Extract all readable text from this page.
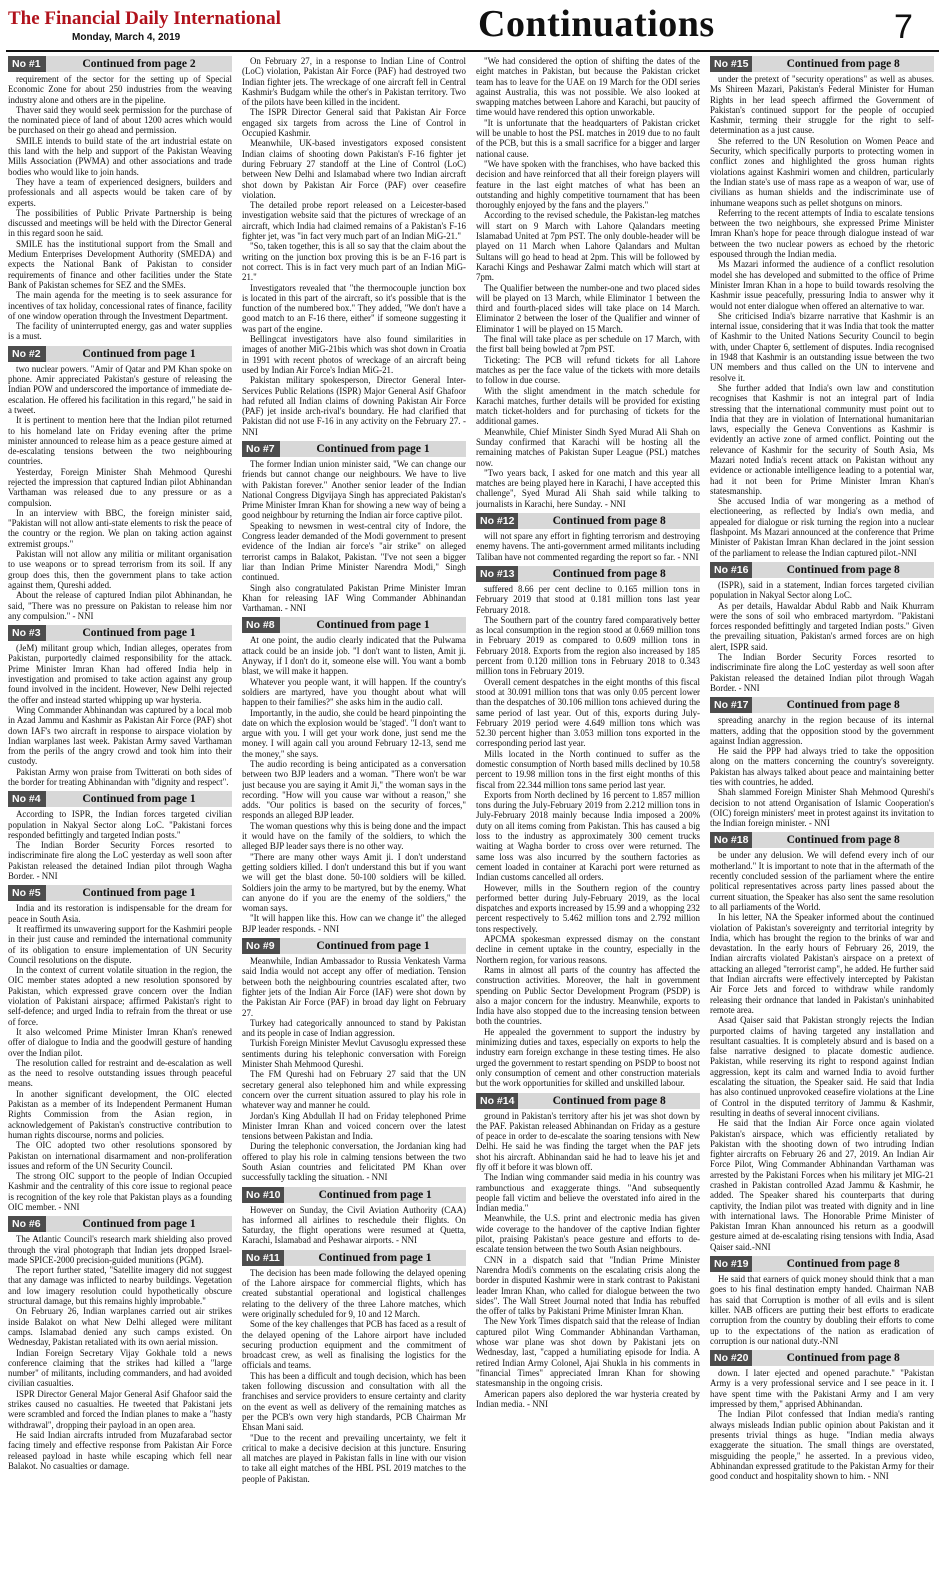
The Financial Daily International
Monday, March 4, 2019	Continuations	7
No #1	Continued from page 2

requirement of the sector for the setting up of Special Economic Zone for about 250 industries from the weaving industry alone and others are in the pipeline.

Thaver said they would seek permission for the purchase of the nominated piece of land of about 1200 acres which would be purchased on their go ahead and permission.

SMILE intends to build state of the art industrial estate on this land with the help and support of the Pakistan Weaving Mills Association (PWMA) and other associations and trade bodies who would like to join hands.

They have a team of experienced designers, builders and professionals and all aspects would be taken care of by experts.

The possibilities of Public Private Partnership is being discussed and meetings will be held with the Director General in this regard soon he said.

SMILE has the institutional support from the Small and Medium Enterprises Development Authority (SMEDA) and expects the National Bank of Pakistan to consider requirements of finance and other facilities under the State Bank of Pakistan schemes for SEZ and the SMEs.

The main agenda for the meeting is to seek assurance for incentives of tax holiday, concessional rates of finance, facility of one window operation through the Investment Department.

The facility of uninterrupted energy, gas and water supplies is a must.

No #2	Continued from page 1

two nuclear powers. "Amir of Qatar and PM Khan spoke on phone. Amir appreciated Pakistan's gesture of releasing the Indian POW and underscored the importance of immediate de-escalation. He offered his facilitation in this regard," he said in a tweet.

It is pertinent to mention here that the Indian pilot returned to his homeland late on Friday evening after the prime minister announced to release him as a peace gesture aimed at de-escalating tensions between the two neighbouring countries.

Yesterday, Foreign Minister Shah Mehmood Qureshi rejected the impression that captured Indian pilot Abhinandan Varthaman was released due to any pressure or as a compulsion.

In an interview with BBC, the foreign minister said, "Pakistan will not allow anti-state elements to risk the peace of the country or the region. We plan on taking action against extremist groups."

Pakistan will not allow any militia or militant organisation to use weapons or to spread terrorism from its soil. If any group does this, then the government plans to take action against them, Qureshi added.

About the release of captured Indian pilot Abhinandan, he said, "There was no pressure on Pakistan to release him nor any compulsion." - NNI

No #3	Continued from page 1

(JeM) militant group which, Indian alleges, operates from Pakistan, purportedly claimed responsibility for the attack. Prime Minister Imran Khan had offered India help in investigation and promised to take action against any group found involved in the incident. However, New Delhi rejected the offer and instead started whipping up war hysteria.

Wing Commander Abhinandan was captured by a local mob in Azad Jammu and Kashmir as Pakistan Air Force (PAF) shot down IAF's two aircraft in response to airspace violation by Indian warplanes last week. Pakistan Army saved Varthaman from the perils of the angry crowd and took him into their custody.

Pakistan Army won praise from Twitterati on both sides of the border for treating Abhinandan with "dignity and respect".

No #4	Continued from page 1

According to ISPR, the Indian forces targeted civilian population in Nakyal Sector along LoC. "Pakistani forces responded befittingly and targeted Indian posts."

The Indian Border Security Forces resorted to indiscriminate fire along the LoC yesterday as well soon after Pakistan released the detained Indian pilot through Wagha Border. - NNI

No #5	Continued from page 1

India and its restoration is indispensable for the dream for peace in South Asia.

It reaffirmed its unwavering support for the Kashmiri people in their just cause and reminded the international community of its obligation to ensure implementation of UN Security Council resolutions on the dispute.

In the context of current volatile situation in the region, the OIC member states adopted a new resolution sponsored by Pakistan, which expressed grave concern over the Indian violation of Pakistani airspace; affirmed Pakistan's right to self-defence; and urged India to refrain from the threat or use of force.

It also welcomed Prime Minister Imran Khan's renewed offer of dialogue to India and the goodwill gesture of handing over the Indian pilot.

The resolution called for restraint and de-escalation as well as the need to resolve outstanding issues through peaceful means.

In another significant development, the OIC elected Pakistan as a member of its Independent Permanent Human Rights Commission from the Asian region, in acknowledgement of Pakistan's constructive contribution to human rights discourse, norms and policies.

The OIC adopted two other resolutions sponsored by Pakistan on international disarmament and non-proliferation issues and reform of the UN Security Council.

The strong OIC support to the people of Indian Occupied Kashmir and the centrality of this core issue to regional peace is recognition of the key role that Pakistan plays as a founding OIC member. - NNI

No #6	Continued from page 1

The Atlantic Council's research mark shielding also proved through the viral photograph that Indian jets dropped Israel-made SPICE-2000 precision-guided munitions (PGM).

The report further stated, "Satellite imagery did not suggest that any damage was inflicted to nearby buildings. Vegetation and low imagery resolution could hypothetically obscure structural damage, but this remains highly improbable."

On February 26, Indian warplanes carried out air strikes inside Balakot on what New Delhi alleged were militant camps. Islamabad denied any such camps existed. On Wednesday, Pakistan retaliated with its own aerial mission.

Indian Foreign Secretary Vijay Gokhale told a news conference claiming that the strikes had killed a "large number" of militants, including commanders, and had avoided civilian casualties.

ISPR Director General Major General Asif Ghafoor said the strikes caused no casualties. He tweeted that Pakistani jets were scrambled and forced the Indian planes to make a "hasty withdrawal", dropping their payload in an open area.

He said Indian aircrafts intruded from Muzafarabad sector facing timely and effective response from Pakistan Air Force released payload in haste while escaping which fell near Balakot. No casualties or damage.

On February 27, in a response to Indian Line of Control (LoC) violation, Pakistan Air Force (PAF) had destroyed two Indian fighter jets. The wreckage of one aircraft fell in Central Kashmir's Budgam while the other's in Pakistan territory. Two of the pilots have been killed in the incident.

The ISPR Director General said that Pakistan Air Force engaged six targets from across the Line of Control in Occupied Kashmir.

Meanwhile, UK-based investigators exposed consistent Indian claims of shooting down Pakistan's F-16 fighter jet during February 27 standoff at the Line of Control (LoC) between New Delhi and Islamabad where two Indian aircraft shot down by Pakistan Air Force (PAF) over ceasefire violation.

The detailed probe report released on a Leicester-based investigation website said that the pictures of wreckage of an aircraft, which India had claimed remains of a Pakistan's F-16 fighter jet, was "in fact very much part of an Indian MiG-21."

"So, taken together, this is all so say that the claim about the writing on the junction box proving this is be an F-16 part is not correct. This is in fact very much part of an Indian MiG-21."

Investigators revealed that "the thermocouple junction box is located in this part of the aircraft, so it's possible that is the function of the numbered box." They added, "We don't have a good match to an F-16 there, either" if someone suggesting it was part of the engine.

Bellingcat investigators have also found similarities in images of another MiG-21bis which was shot down in Croatia in 1991 with recent photos of wreckage of an aircraft being used by Indian Air Force's Indian MiG-21.

Pakistan military spokesperson, Director General Inter-Services Public Relations (ISPR) Major General Asif Ghafoor had refuted all Indian claims of downing Pakistan Air Force (PAF) jet inside arch-rival's boundary. He had clarified that Pakistan did not use F-16 in any activity on the February 27. - NNI

No #7	Continued from page 1

The former Indian union minister said, "We can change our friends but cannot change our neighbours. We have to live with Pakistan forever." Another senior leader of the Indian National Congress Digvijaya Singh has appreciated Pakistan's Prime Minister Imran Khan for showing a new way of being a good neighbour by returning the Indian air force captive pilot.

Speaking to newsmen in west-central city of Indore, the Congress leader demanded of the Modi government to present evidence of the Indian air force's "air strike" on alleged terrorist camps in Balakot, Pakistan. "I've not seen a bigger liar than Indian Prime Minister Narendra Modi," Singh continued.

Singh also congratulated Pakistan Prime Minister Imran Khan for releasing IAF Wing Commander Abhinandan Varthaman. - NNI

No #8	Continued from page 1

At one point, the audio clearly indicated that the Pulwama attack could be an inside job. "I don't want to listen, Amit ji. Anyway, if I don't do it, someone else will. You want a bomb blast, we will make it happen.

Whatever you people want, it will happen. If the country's soldiers are martyred, have you thought about what will happen to their families?" she asks him in the audio call.

Importantly, in the audio, she could be heard pinpointing the date on which the explosion would be 'staged'. "I don't want to argue with you. I will get your work done, just send me the money. I will again call you around February 12-13, send me the money," she says.

The audio recording is being anticipated as a conversation between two BJP leaders and a woman. "There won't be war just because you are saying it Amit Ji," the woman says in the recording. "How will you cause war without a reason," she adds. "Our politics is based on the security of forces," responds an alleged BJP leader.

The woman questions why this is being done and the impact it would have on the family of the soldiers, to which the alleged BJP leader says there is no other way.

"There are many other ways Amit ji. I don't understand getting soldiers killed. I don't understand this but if you want we will get the blast done. 50-100 soldiers will be killed. Soldiers join the army to be martyred, but by the enemy. What can anyone do if you are the enemy of the soldiers," the woman says.

"It will happen like this. How can we change it" the alleged BJP leader responds. - NNI

No #9	Continued from page 1

Meanwhile, Indian Ambassador to Russia Venkatesh Varma said India would not accept any offer of mediation. Tension between both the neighbouring countries escalated after, two fighter jets of the Indian Air Force (IAF) were shot down by the Pakistan Air Force (PAF) in broad day light on February 27.

Turkey had categorically announced to stand by Pakistan and its people in case of Indian aggression.

Turkish Foreign Minister Mevlut Cavusoglu expressed these sentiments during his telephonic conversation with Foreign Minister Shah Mehmood Qureshi.

The FM Qureshi had on February 27 said that the UN secretary general also telephoned him and while expressing concern over the current situation assured to play his role in whatever way and manner he could.

Jordan's King Abdullah II had on Friday telephoned Prime Minister Imran Khan and voiced concern over the latest tensions between Pakistan and India.

During the telephonic conversation, the Jordanian king had offered to play his role in calming tensions between the two South Asian countries and felicitated PM Khan over successfully tackling the situation. - NNI

No #10	Continued from page 1

However on Sunday, the Civil Aviation Authority (CAA) has informed all airlines to reschedule their flights. On Saturday, the flight operations were resumed at Quetta, Karachi, Islamabad and Peshawar airports. - NNI

No #11	Continued from page 1

The decision has been made following the delayed opening of the Lahore airspace for commercial flights, which has created substantial operational and logistical challenges relating to the delivery of the three Lahore matches, which were originally scheduled for 9, 10 and 12 March.

Some of the key challenges that PCB has faced as a result of the delayed opening of the Lahore airport have included securing production equipment and the commitment of broadcast crew, as well as finalising the logistics for the officials and teams.

This has been a difficult and tough decision, which has been taken following discussion and consultation with all the franchises and service providers to ensure certainty and clarity on the event as well as delivery of the remaining matches as per the PCB's own very high standards, PCB Chairman Mr Ehsan Mani said.

"Due to the recent and prevailing uncertainty, we felt it critical to make a decisive decision at this juncture. Ensuring all matches are played in Pakistan falls in line with our vision to take all eight matches of the HBL PSL 2019 matches to the people of Pakistan.

"We had considered the option of shifting the dates of the eight matches in Pakistan, but because the Pakistan cricket team has to leave for the UAE on 19 March for the ODI series against Australia, this was not possible. We also looked at swapping matches between Lahore and Karachi, but paucity of time would have rendered this option unworkable.

"It is unfortunate that the headquarters of Pakistan cricket will be unable to host the PSL matches in 2019 due to no fault of the PCB, but this is a small sacrifice for a bigger and larger national cause.

"We have spoken with the franchises, who have backed this decision and have reinforced that all their foreign players will feature in the last eight matches of what has been an outstanding and highly competitive tournament that has been thoroughly enjoyed by the fans and the players."

According to the revised schedule, the Pakistan-leg matches will start on 9 March with Lahore Qalandars meeting Islamabad United at 7pm PST. The only double-header will be played on 11 March when Lahore Qalandars and Multan Sultans will go head to head at 2pm. This will be followed by Karachi Kings and Peshawar Zalmi match which will start at 7pm.

The Qualifier between the number-one and two placed sides will be played on 13 March, while Eliminator 1 between the third and fourth-placed sides will take place on 14 March. Eliminator 2 between the loser of the Qualifier and winner of Eliminator 1 will be played on 15 March.

The final will take place as per schedule on 17 March, with the first ball being bowled at 7pm PST.

Ticketing: The PCB will refund tickets for all Lahore matches as per the face value of the tickets with more details to follow in due course.

With the slight amendment in the match schedule for Karachi matches, further details will be provided for existing match ticket-holders and for purchasing of tickets for the additional games.

Meanwhile, Chief Minister Sindh Syed Murad Ali Shah on Sunday confirmed that Karachi will be hosting all the remaining matches of Pakistan Super League (PSL) matches now.

"Two years back, I asked for one match and this year all matches are being played here in Karachi, I have accepted this challenge", Syed Murad Ali Shah said while talking to journalists in Karachi, here Sunday. - NNI

No #12	Continued from page 8

will not spare any effort in fighting terrorism and destroying enemy havens. The anti-government armed militants including Taliban have not commented regarding the report so far. - NNI

No #13	Continued from page 8

suffered 8.66 per cent decline to 0.165 million tons in February 2019 that stood at 0.181 million tons last year February 2018.

The Southern part of the country fared comparatively better as local consumption in the region stood at 0.669 million tons in February 2019 as compared to 0.609 million tons in February 2018. Exports from the region also increased by 185 percent from 0.120 million tons in February 2018 to 0.343 million tons in February 2019.

Overall cement despatches in the eight months of this fiscal stood at 30.091 million tons that was only 0.05 percent lower than the despatches of 30.106 million tons achieved during the same period of last year. Out of this, exports during July-February 2019 period were 4.649 million tons which was 52.30 percent higher than 3.053 million tons exported in the corresponding period last year.

Mills located in the North continued to suffer as the domestic consumption of North based mills declined by 10.58 percent to 19.98 million tons in the first eight months of this fiscal from 22.344 million tons same period last year.

Exports from North declined by 16 percent to 1.857 million tons during the July-February 2019 from 2.212 million tons in July-February 2018 mainly because India imposed a 200% duty on all items coming from Pakistan. This has caused a big loss to the industry as approximately 300 cement trucks waiting at Wagha border to cross over were returned. The same loss was also incurred by the southern factories as cement loaded in container at Karachi port were returned as Indian customs cancelled all orders.

However, mills in the Southern region of the country performed better during July-February 2019, as the local dispatches and exports increased by 15.99 and a whopping 232 percent respectively to 5.462 million tons and 2.792 million tons respectively.

APCMA spokesman expressed dismay on the constant decline in cement uptake in the country, especially in the Northern region, for various reasons.

Rams in almost all parts of the country has affected the construction activities. Moreover, the halt in government spending on Public Sector Development Program (PSDP) is also a major concern for the industry. Meanwhile, exports to India have also stopped due to the increasing tension between both the countries.

He appealed the government to support the industry by minimizing duties and taxes, especially on exports to help the industry earn foreign exchange in these testing times. He also urged the government to restart spending on PSDP to boost not only consumption of cement and other construction materials but the work opportunities for skilled and unskilled labour.

No #14	Continued from page 8

ground in Pakistan's territory after his jet was shot down by the PAF. Pakistan released Abhinandan on Friday as a gesture of peace in order to de-escalate the soaring tensions with New Delhi. He said he was finding the target when the PAF jets shot his aircraft. Abhinandan said he had to leave his jet and fly off it before it was blown off.

The Indian wing commander said media in his country was rambunctious and exaggerate things. "And subsequently people fall victim and believe the overstated info aired in the Indian media."

Meanwhile, the U.S. print and electronic media has given wide coverage to the handover of the captive Indian fighter pilot, praising Pakistan's peace gesture and efforts to de-escalate tension between the two South Asian neighbours.

CNN in a dispatch said that "Indian Prime Minister Narendra Modi's comments on the escalating crisis along the border in disputed Kashmir were in stark contrast to Pakistani leader Imran Khan, who called for dialogue between the two sides". The Wall Street Journal noted that India has rebuffed the offer of talks by Pakistani Prime Minister Imran Khan.

The New York Times dispatch said that the release of Indian captured pilot Wing Commander Abhinandan Varthaman, whose war plane was shot down by Pakistani jets on Wednesday, last, "capped a humiliating episode for India. A retired Indian Army Colonel, Ajai Shukla in his comments in "financial Times" appreciated Imran Khan for showing statesmanship in the ongoing crisis.

American papers also deplored the war hysteria created by Indian media. - NNI

No #15	Continued from page 8

under the pretext of "security operations" as well as abuses. Ms Shireen Mazari, Pakistan's Federal Minister for Human Rights in her lead speech affirmed the Government of Pakistan's continued support for the people of occupied Kashmir, terming their struggle for the right to self-determination as a just cause.

She referred to the UN Resolution on Women Peace and Security, which specifically purports to protecting women in conflict zones and highlighted the gross human rights violations against Kashmiri women and children, particularly the Indian state's use of mass rape as a weapon of war, use of civilians as human shields and the indiscriminate use of inhumane weapons such as pellet shotguns on minors.

Referring to the recent attempts of India to escalate tensions between the two neighbours, she expressed Prime Minister Imran Khan's hope for peace through dialogue instead of war between the two nuclear powers as echoed by the rhetoric espoused through the Indian media.

Ms Mazari informed the audience of a conflict resolution model she has developed and submitted to the office of Prime Minister Imran Khan in a hope to build towards resolving the Kashmir issue peacefully, pressuring India to answer why it would not enter dialogue when offered an alternative to war.

She criticised India's bizarre narrative that Kashmir is an internal issue, considering that it was India that took the matter of Kashmir to the United Nations Security Council to begin with, under Chapter 6, settlement of disputes. India recognised in 1948 that Kashmir is an outstanding issue between the two UN members and thus called on the UN to intervene and resolve it.

She further added that India's own law and constitution recognises that Kashmir is not an integral part of India stressing that the international community must point out to India that they are in violation of International humanitarian laws, especially the Geneva Conventions as Kashmir is evidently an active zone of armed conflict. Pointing out the relevance of Kashmir for the security of South Asia, Ms Mazari noted India's recent attack on Pakistan without any evidence or actionable intelligence leading to a potential war, had it not been for Prime Minister Imran Khan's statesmanship.

She accused India of war mongering as a method of electioneering, as reflected by India's own media, and appealed for dialogue or risk turning the region into a nuclear flashpoint. Ms Mazari announced at the conference that Prime Minister of Pakistan Imran Khan declared in the joint session of the parliament to release the Indian captured pilot.-NNI

No #16	Continued from page 8

(ISPR), said in a statement, Indian forces targeted civilian population in Nakyal Sector along LoC.

As per details, Hawaldar Abdul Rabb and Naik Khurram were the sons of soil who embraced martyrdom. "Pakistani forces responded befittingly and targeted Indian posts." Given the prevailing situation, Pakistan's armed forces are on high alert, ISPR said.

The Indian Border Security Forces resorted to indiscriminate fire along the LoC yesterday as well soon after Pakistan released the detained Indian pilot through Wagah Border. - NNI

No #17	Continued from page 8

spreading anarchy in the region because of its internal matters, adding that the opposition stood by the government against Indian aggression.

He said the PPP had always tried to take the opposition along on the matters concerning the country's sovereignty. Pakistan has always talked about peace and maintaining better ties with countries, he added.

Shah slammed Foreign Minister Shah Mehmood Qureshi's decision to not attend Organisation of Islamic Cooperation's (OIC) foreign ministers' meet in protest against its invitation to the Indian foreign minister. - NNI

No #18	Continued from page 8

be under any delusion. We will defend every inch of our motherland." It is important to note that in the aftermath of the recently concluded session of the parliament where the entire political representatives across party lines passed about the current situation, the Speaker has also sent the same resolution to all parliaments of the World.

In his letter, NA the Speaker informed about the continued violation of Pakistan's sovereignty and territorial integrity by India, which has brought the region to the brinks of war and devastation. In the early hours of February 26, 2019, the Indian aircrafts violated Pakistan's airspace on a pretext of attacking an alleged "terrorist camp", he added. He further said that Indian aircrafts were effectively intercepted by Pakistan Air Force Jets and forced to withdraw while randomly releasing their ordnance that landed in Pakistan's uninhabited remote area.

Asad Qaiser said that Pakistan strongly rejects the Indian purported claims of having targeted any installation and resultant casualties. It is completely absurd and is based on a false narrative designed to placate domestic audience. Pakistan, while reserving its right to respond against Indian aggression, kept its calm and warned India to avoid further escalating the situation, the Speaker said. He said that India has also continued unprovoked ceasefire violations at the Line of Control in the disputed territory of Jammu & Kashmir, resulting in deaths of several innocent civilians.

He said that the Indian Air Force once again violated Pakistan's airspace, which was efficiently retaliated by Pakistan with the shooting down of two intruding Indian fighter aircrafts on February 26 and 27, 2019. An Indian Air Force Pilot, Wing Commander Abhinandan Varthaman was arrested by the Pakistani Forces when his military jet MIG-21 crashed in Pakistan controlled Azad Jammu & Kashmir, he added. The Speaker shared his counterparts that during captivity, the Indian pilot was treated with dignity and in line with international laws. The Honorable Prime Minister of Pakistan Imran Khan announced his return as a goodwill gesture aimed at de-escalating rising tensions with India, Asad Qaiser said.-NNI

No #19	Continued from page 8

He said that earners of quick money should think that a man goes to his final destination empty handed. Chairman NAB has said that Corruption is mother of all evils and is silent killer. NAB officers are putting their best efforts to eradicate corruption from the country by doubling their efforts to come up to the expectations of the nation as eradication of corruption is our national duty.-NNI

No #20	Continued from page 8

down. I later ejected and opened parachute." "Pakistan Army is a very professional service and I see peace in it. I have spent time with the Pakistani Army and I am very impressed by them," apprised Abhinandan.

The Indian Pilot confessed that Indian media's ranting always misleads Indian public opinion about Pakistan and it presents trivial things as huge. "Indian media always exaggerate the situation. The small things are overstated, misguiding the people," he asserted. In a previous video, Abhinandan expressed gratitude to the Pakistan Army for their good conduct and hospitality shown to him. - NNI
